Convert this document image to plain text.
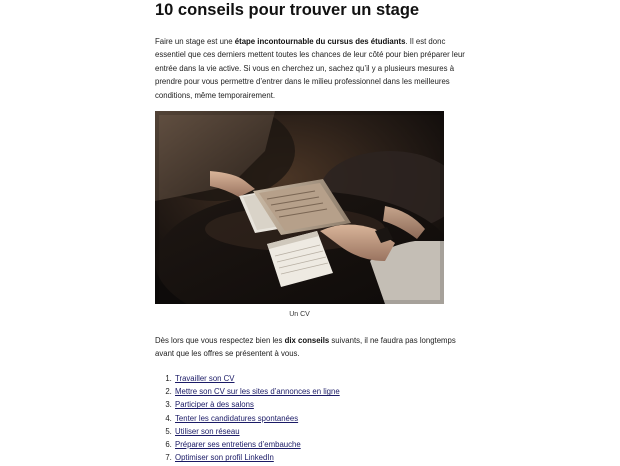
10 conseils pour trouver un stage

Faire un stage est une étape incontournable du cursus des étudiants. Il est donc essentiel que ces derniers mettent toutes les chances de leur côté pour bien préparer leur entrée dans la vie active. Si vous en cherchez un, sachez qu’il y a plusieurs mesures à prendre pour vous permettre d’entrer dans le milieu professionnel dans les meilleures conditions, même temporairement.

Un CV

Dès lors que vous respectez bien les dix conseils suivants, il ne faudra pas longtemps avant que les offres se présentent à vous.

1. Travailler son CV
2. Mettre son CV sur les sites d’annonces en ligne
3. Participer à des salons
4. Tenter les candidatures spontanées
5. Utiliser son réseau
6. Préparer ses entretiens d’embauche
7. Optimiser son profil LinkedIn
